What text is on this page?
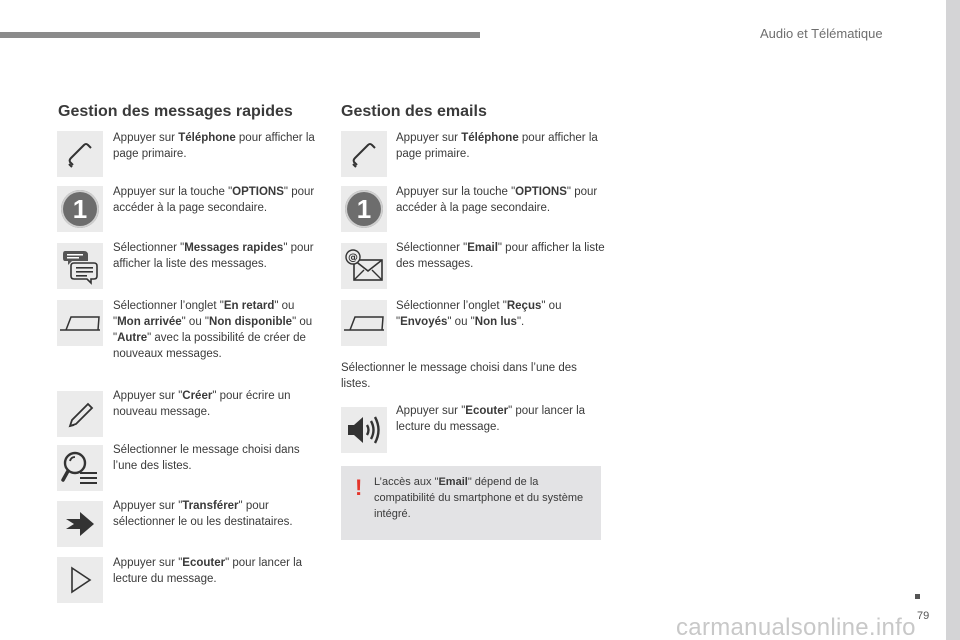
Audio et Télématique
79
carmanualsonline.info
Gestion des messages rapides
Appuyer sur Téléphone pour afficher la page primaire.
1
Appuyer sur la touche "OPTIONS" pour accéder à la page secondaire.
Sélectionner "Messages rapides" pour afficher la liste des messages.
Sélectionner l’onglet "En retard" ou "Mon arrivée" ou "Non disponible" ou "Autre" avec la possibilité de créer de nouveaux messages.
Appuyer sur "Créer" pour écrire un nouveau message.
Sélectionner le message choisi dans l’une des listes.
Appuyer sur "Transférer" pour sélectionner le ou les destinataires.
Appuyer sur "Ecouter" pour lancer la lecture du message.
Gestion des emails
Appuyer sur Téléphone pour afficher la page primaire.
1
Appuyer sur la touche "OPTIONS" pour accéder à la page secondaire.
@
Sélectionner "Email" pour afficher la liste des messages.
Sélectionner l’onglet "Reçus" ou "Envoyés" ou "Non lus".
Sélectionner le message choisi dans l’une des listes.
Appuyer sur "Ecouter" pour lancer la lecture du message.
! L’accès aux "Email" dépend de la compatibilité du smartphone et du système intégré.
